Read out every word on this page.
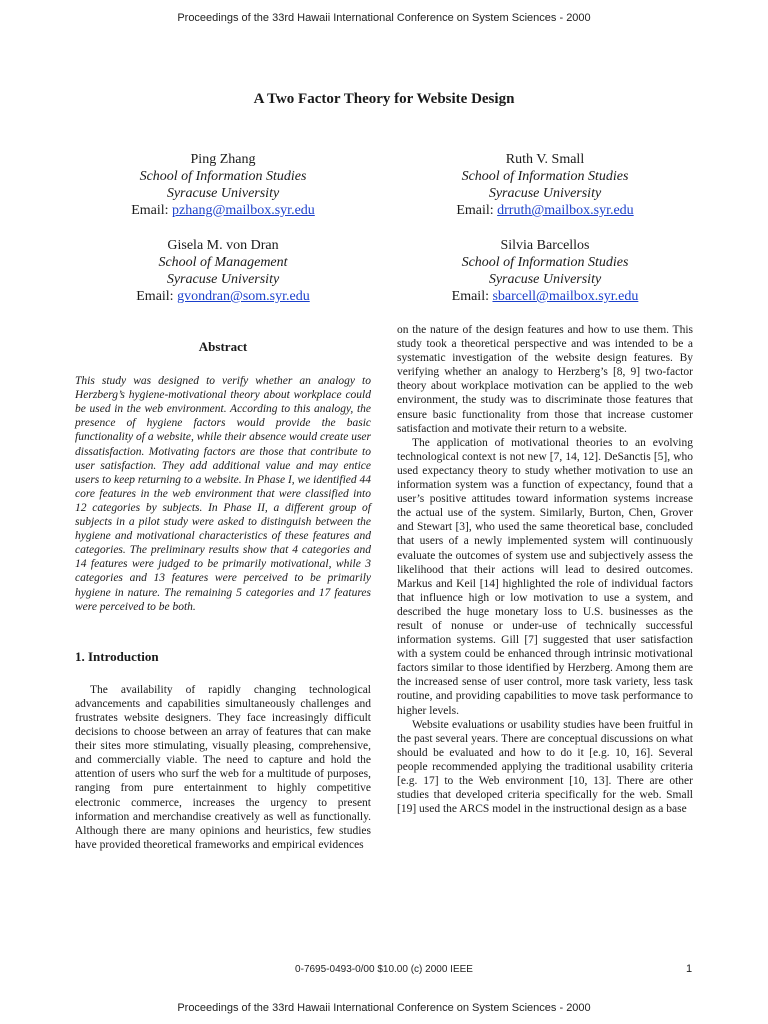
Proceedings of the 33rd Hawaii International Conference on System Sciences - 2000
A Two Factor Theory for Website Design
Ping Zhang
School of Information Studies
Syracuse University
Email: pzhang@mailbox.syr.edu
Ruth V. Small
School of Information Studies
Syracuse University
Email: drruth@mailbox.syr.edu
Gisela M. von Dran
School of Management
Syracuse University
Email: gvondran@som.syr.edu
Silvia Barcellos
School of Information Studies
Syracuse University
Email: sbarcell@mailbox.syr.edu
Abstract

This study was designed to verify whether an analogy to Herzberg’s hygiene-motivational theory about workplace could be used in the web environment. According to this analogy, the presence of hygiene factors would provide the basic functionality of a website, while their absence would create user dissatisfaction. Motivating factors are those that contribute to user satisfaction. They add additional value and may entice users to keep returning to a website. In Phase I, we identified 44 core features in the web environment that were classified into 12 categories by subjects. In Phase II, a different group of subjects in a pilot study were asked to distinguish between the hygiene and motivational characteristics of these features and categories. The preliminary results show that 4 categories and 14 features were judged to be primarily motivational, while 3 categories and 13 features were perceived to be primarily hygiene in nature. The remaining 5 categories and 17 features were perceived to be both.

1. Introduction

The availability of rapidly changing technological advancements and capabilities simultaneously challenges and frustrates website designers. They face increasingly difficult decisions to choose between an array of features that can make their sites more stimulating, visually pleasing, comprehensive, and commercially viable. The need to capture and hold the attention of users who surf the web for a multitude of purposes, ranging from pure entertainment to highly competitive electronic commerce, increases the urgency to present information and merchandise creatively as well as functionally. Although there are many opinions and heuristics, few studies have provided theoretical frameworks and empirical evidences

on the nature of the design features and how to use them. This study took a theoretical perspective and was intended to be a systematic investigation of the website design features. By verifying whether an analogy to Herzberg’s [8, 9] two-factor theory about workplace motivation can be applied to the web environment, the study was to discriminate those features that ensure basic functionality from those that increase customer satisfaction and motivate their return to a website.

The application of motivational theories to an evolving technological context is not new [7, 14, 12]. DeSanctis [5], who used expectancy theory to study whether motivation to use an information system was a function of expectancy, found that a user’s positive attitudes toward information systems increase the actual use of the system. Similarly, Burton, Chen, Grover and Stewart [3], who used the same theoretical base, concluded that users of a newly implemented system will continuously evaluate the outcomes of system use and subjectively assess the likelihood that their actions will lead to desired outcomes. Markus and Keil [14] highlighted the role of individual factors that influence high or low motivation to use a system, and described the huge monetary loss to U.S. businesses as the result of nonuse or under-use of technically successful information systems. Gill [7] suggested that user satisfaction with a system could be enhanced through intrinsic motivational factors similar to those identified by Herzberg. Among them are the increased sense of user control, more task variety, less task routine, and providing capabilities to move task performance to higher levels.

Website evaluations or usability studies have been fruitful in the past several years. There are conceptual discussions on what should be evaluated and how to do it [e.g. 10, 16]. Several people recommended applying the traditional usability criteria [e.g. 17] to the Web environment [10, 13]. There are other studies that developed criteria specifically for the web. Small [19] used the ARCS model in the instructional design as a base

0-7695-0493-0/00 $10.00 (c) 2000 IEEE	1
Proceedings of the 33rd Hawaii International Conference on System Sciences - 2000
